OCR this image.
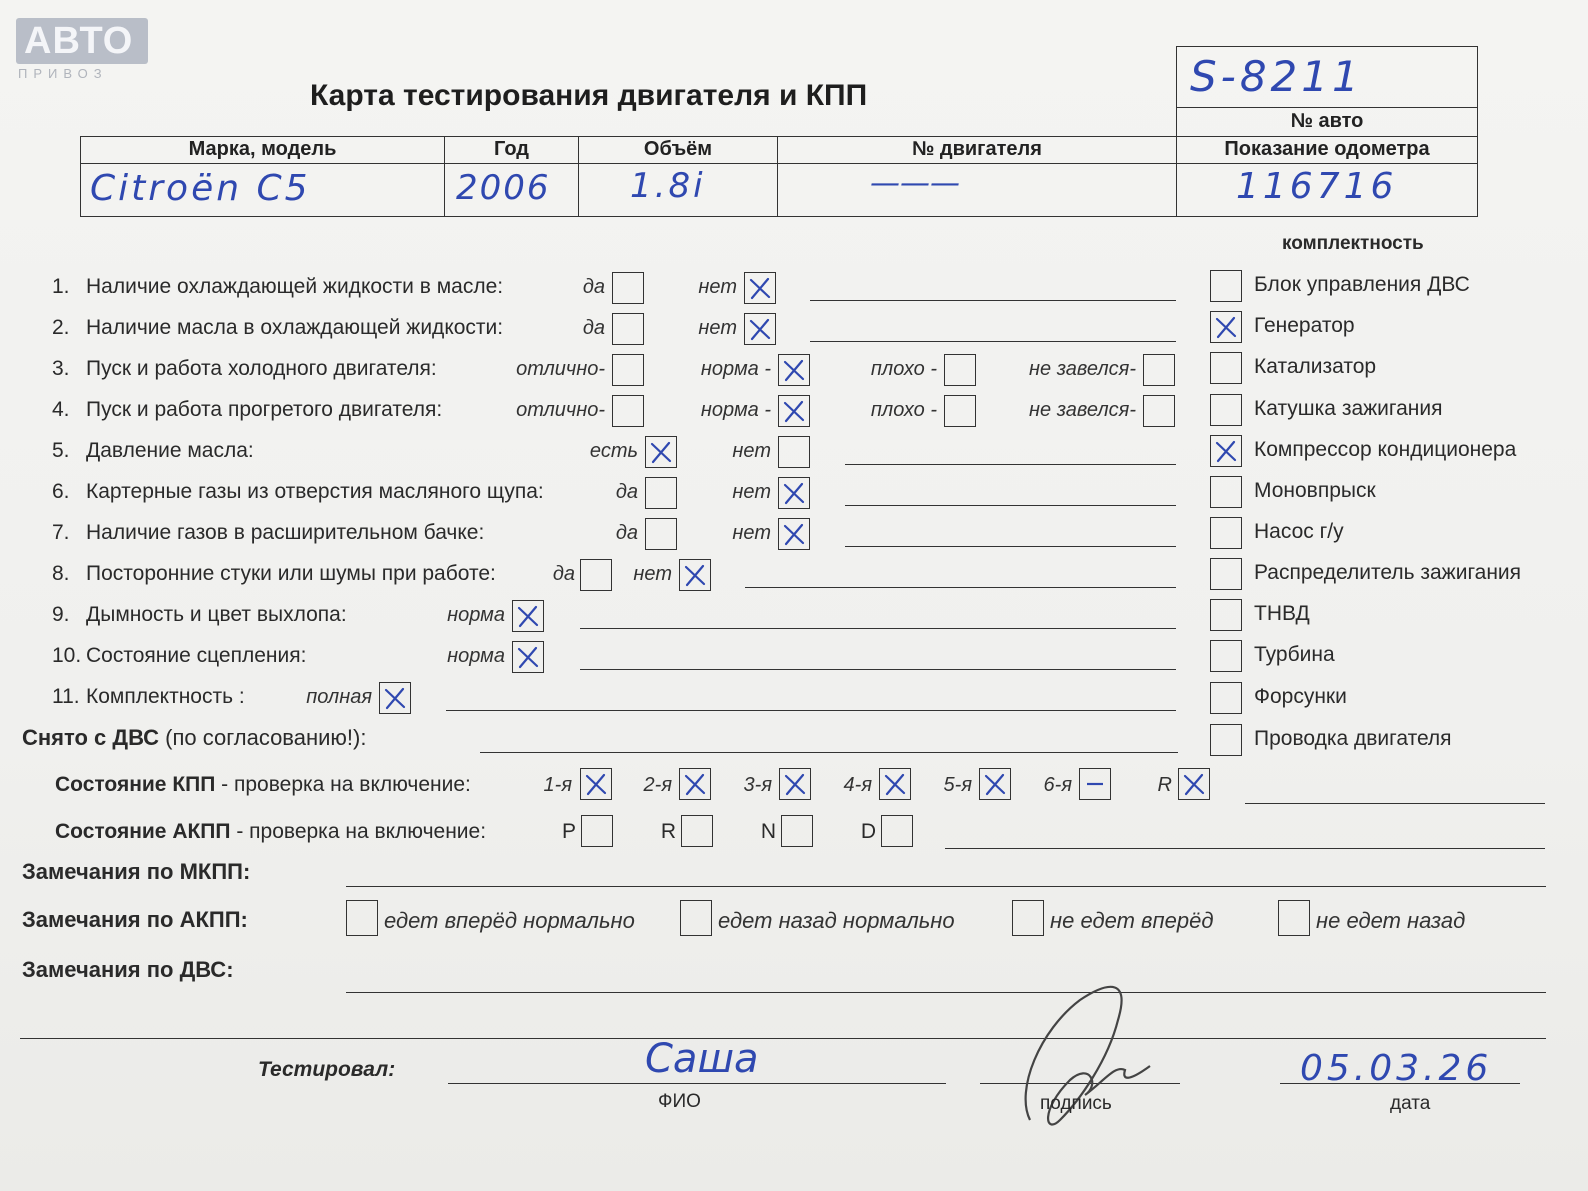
АВТО
ПРИВОЗ
Карта тестирования двигателя и КПП	S-8211
№ авто
Марка, модель	Год	Объём	№ двигателя	Показание одометра
Citroën C5	2006 1.8i	———	116716
комплектность
Блок управления ДВС
Генератор
Катализатор
Катушка зажигания
Компрессор кондиционера
Моновпрыск
Насос г/у
Распределитель зажигания
ТНВД
Турбина
Форсунки
Проводка двигателя
1. Наличие охлаждающей жидкости в масле:	да	нет
2. Наличие масла в охлаждающей жидкости:	да	нет
3. Пуск и работа холодного двигателя:	отлично-	норма -	плохо -	не завелся-
4. Пуск и работа прогретого двигателя:	отлично-	норма -	плохо -	не завелся-
5. Давление масла:	есть	нет
6. Картерные газы из отверстия масляного щупа:	да	нет
7. Наличие газов в расширительном бачке:	да	нет
8. Посторонние стуки или шумы при работе:	да	нет
9. Дымность и цвет выхлопа:	норма
10. Состояние сцепления:	норма
11. Комплектность :	полная
Снято с ДВС (по согласованию!):
Состояние КПП - проверка на включение:	1-я	2-я	3-я	4-я	5-я	6-я	R
Состояние АКПП - проверка на включение:	P	R	N	D
Замечания по МКПП:
Замечания по АКПП:	едет вперёд нормально	едет назад нормально	не едет вперёд	не едет назад
Замечания по ДВС:
Тестировал:	Саша
ФИО	подпись
05.03.26
дата
